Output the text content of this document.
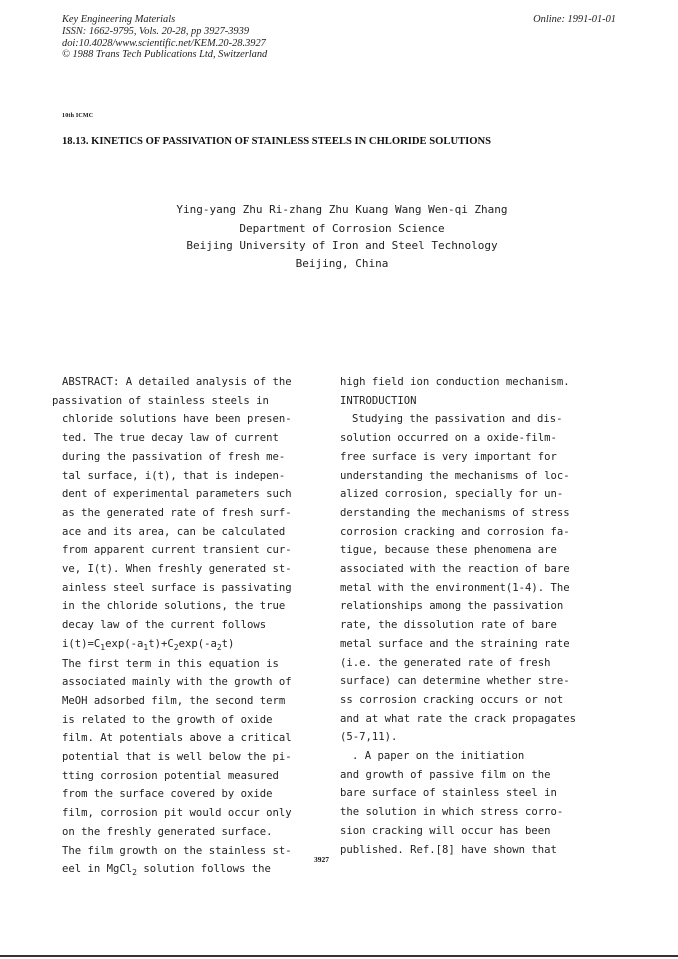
Key Engineering Materials
ISSN: 1662-9795, Vols. 20-28, pp 3927-3939
doi:10.4028/www.scientific.net/KEM.20-28.3927
© 1988 Trans Tech Publications Ltd, Switzerland
Online: 1991-01-01
10th ICMC
18.13. KINETICS OF PASSIVATION OF STAINLESS STEELS IN CHLORIDE SOLUTIONS
Ying-yang Zhu Ri-zhang Zhu Kuang Wang Wen-qi Zhang
Department of Corrosion Science
Beijing University of Iron and Steel Technology
Beijing, China
ABSTRACT: A detailed analysis of the
passivation of stainless steels in
chloride solutions have been presen-
ted. The true decay law of current
during the passivation of fresh me-
tal surface, i(t), that is indepen-
dent of experimental parameters such
as the generated rate of fresh surf-
ace and its area, can be calculated
from apparent current transient cur-
ve, I(t). When freshly generated st-
ainless steel surface is passivating
in the chloride solutions, the true
decay law of the current follows
$i(t)=C_1\exp(-a_1t)+C_2\exp(-a_2t)$
The first term in this equation is
associated mainly with the growth of
MeOH adsorbed film, the second term
is related to the growth of oxide
film. At potentials above a critical
potential that is well below the pi-
tting corrosion potential measured
from the surface covered by oxide
film, corrosion pit would occur only
on the freshly generated surface.
The film growth on the stainless st-
eel in MgCl$_2$ solution follows the
high field ion conduction mechanism.
INTRODUCTION
Studying the passivation and dis-
solution occurred on a oxide-film-
free surface is very important for
understanding the mechanisms of loc-
alized corrosion, specially for un-
derstanding the mechanisms of stress
corrosion cracking and corrosion fa-
tigue, because these phenomena are
associated with the reaction of bare
metal with the environment(1-4). The
relationships among the passivation
rate, the dissolution rate of bare
metal surface and the straining rate
(i.e. the generated rate of fresh
surface) can determine whether stre-
ss corrosion cracking occurs or not
and at what rate the crack propagates
(5-7,11).
. A paper on the initiation
and growth of passive film on the
bare surface of stainless steel in
the solution in which stress corro-
sion cracking will occur has been
published. Ref.[8] have shown that
3927
